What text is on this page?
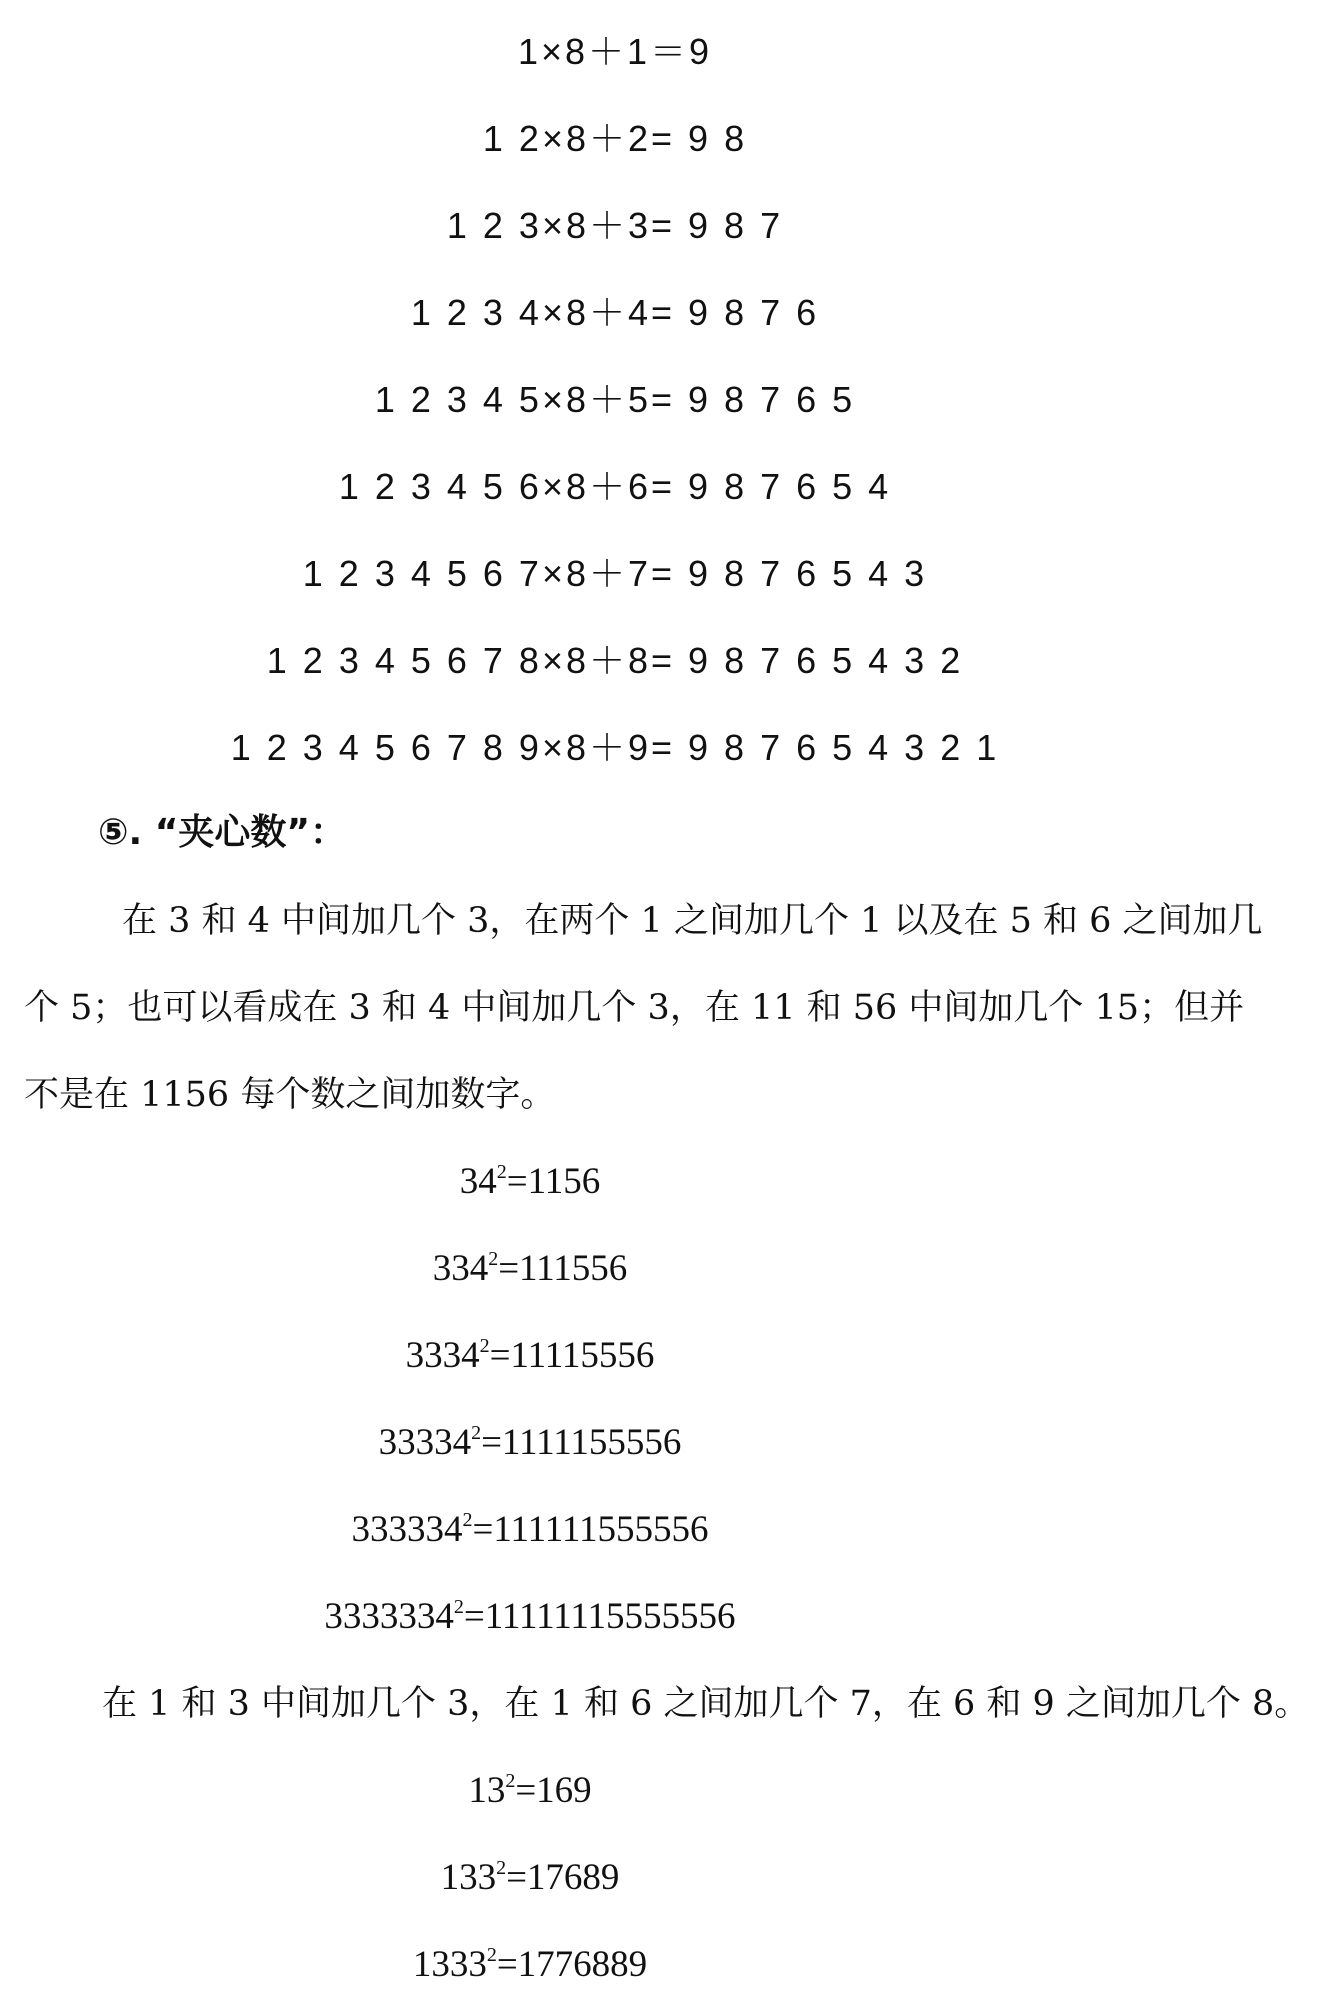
1×8＋1＝9
1 2×8＋2= 9 8
1 2 3×8＋3= 9 8 7
1 2 3 4×8＋4= 9 8 7 6
1 2 3 4 5×8＋5= 9 8 7 6 5
1 2 3 4 5 6×8＋6= 9 8 7 6 5 4
1 2 3 4 5 6 7×8＋7= 9 8 7 6 5 4 3
1 2 3 4 5 6 7 8×8＋8= 9 8 7 6 5 4 3 2
1 2 3 4 5 6 7 8 9×8＋9= 9 8 7 6 5 4 3 2 1
⑤. “夹心数”：
在 3 和 4 中间加几个 3，在两个 1 之间加几个 1 以及在 5 和 6 之间加几
个 5；也可以看成在 3 和 4 中间加几个 3，在 11 和 56 中间加几个 15；但并
不是在 1156 每个数之间加数字。
$34^2=1156$
$334^2=111556$
$3334^2=11115556$
$33334^2=1111155556$
$333334^2=111111555556$
$3333334^2=11111115555556$
在 1 和 3 中间加几个 3，在 1 和 6 之间加几个 7，在 6 和 9 之间加几个 8。
$13^2=169$
$133^2=17689$
$1333^2=1776889$
